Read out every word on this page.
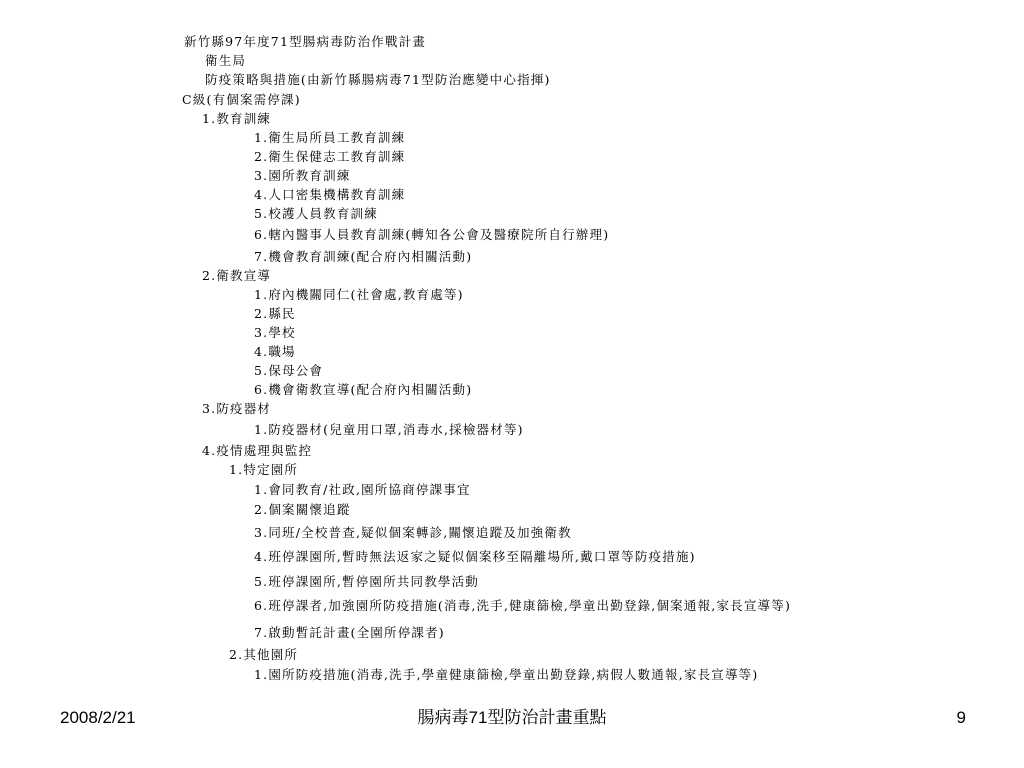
新竹縣97年度71型腸病毒防治作戰計畫
衛生局
防疫策略與措施(由新竹縣腸病毒71型防治應變中心指揮)
C級(有個案需停課)
1.教育訓練
1.衛生局所員工教育訓練
2.衛生保健志工教育訓練
3.園所教育訓練
4.人口密集機構教育訓練
5.校護人員教育訓練
6.轄內醫事人員教育訓練(轉知各公會及醫療院所自行辦理)
7.機會教育訓練(配合府內相關活動)
2.衛教宣導
1.府內機關同仁(社會處,教育處等)
2.縣民
3.學校
4.職場
5.保母公會
6.機會衛教宣導(配合府內相關活動)
3.防疫器材
1.防疫器材(兒童用口罩,消毒水,採檢器材等)
4.疫情處理與監控
1.特定園所
1.會同教育/社政,園所協商停課事宜
2.個案關懷追蹤
3.同班/全校普查,疑似個案轉診,關懷追蹤及加強衛教
4.班停課園所,暫時無法返家之疑似個案移至隔離場所,戴口罩等防疫措施)
5.班停課園所,暫停園所共同教學活動
6.班停課者,加強園所防疫措施(消毒,洗手,健康篩檢,學童出勤登錄,個案通報,家長宣導等)
7.啟動暫託計畫(全園所停課者)
2.其他園所
1.園所防疫措施(消毒,洗手,學童健康篩檢,學童出勤登錄,病假人數通報,家長宣導等)
2008/2/21	腸病毒71型防治計畫重點	9
